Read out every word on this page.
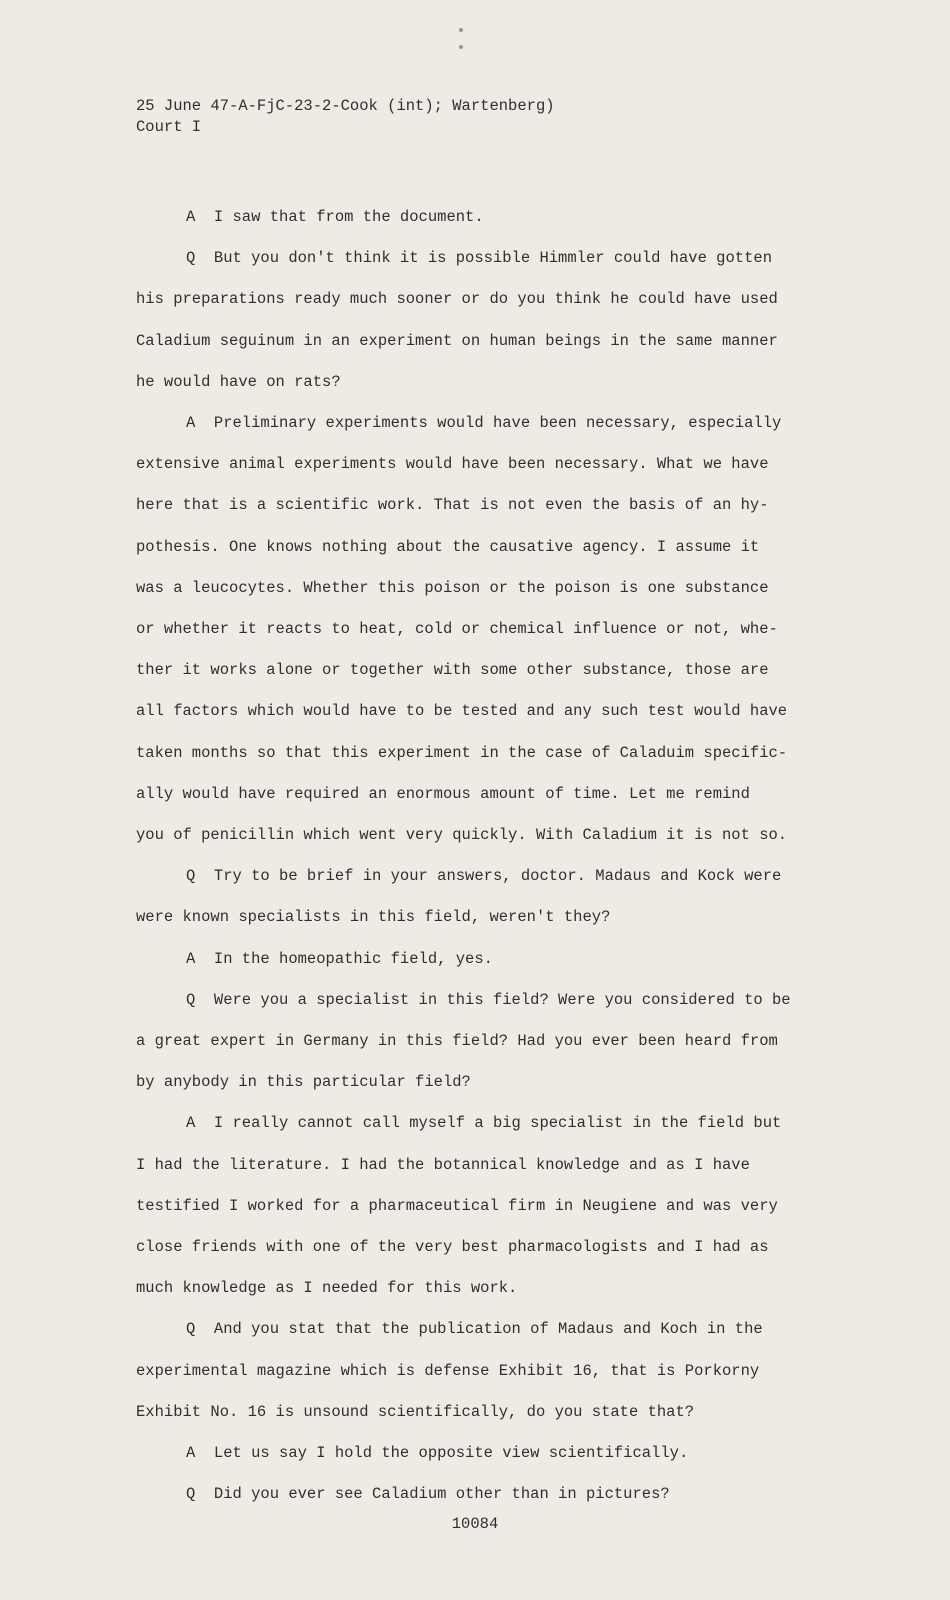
25 June 47-A-FjC-23-2-Cook (int); Wartenberg)
Court I
A  I saw that from the document.
Q  But you don't think it is possible Himmler could have gotten
his preparations ready much sooner or do you think he could have used
Caladium seguinum in an experiment on human beings in the same manner
he would have on rats?
A  Preliminary experiments would have been necessary, especially
extensive animal experiments would have been necessary. What we have
here that is a scientific work. That is not even the basis of an hy-
pothesis. One knows nothing about the causative agency. I assume it
was a leucocytes. Whether this poison or the poison is one substance
or whether it reacts to heat, cold or chemical influence or not, whe-
ther it works alone or together with some other substance, those are
all factors which would have to be tested and any such test would have
taken months so that this experiment in the case of Caladuim specific-
ally would have required an enormous amount of time. Let me remind
you of penicillin which went very quickly. With Caladium it is not so.
Q  Try to be brief in your answers, doctor. Madaus and Kock were
were known specialists in this field, weren't they?
A  In the homeopathic field, yes.
Q  Were you a specialist in this field? Were you considered to be
a great expert in Germany in this field? Had you ever been heard from
by anybody in this particular field?
A  I really cannot call myself a big specialist in the field but
I had the literature. I had the botannical knowledge and as I have
testified I worked for a pharmaceutical firm in Neugiene and was very
close friends with one of the very best pharmacologists and I had as
much knowledge as I needed for this work.
Q  And you stat that the publication of Madaus and Koch in the
experimental magazine which is defense Exhibit 16, that is Porkorny
Exhibit No. 16 is unsound scientifically, do you state that?
A  Let us say I hold the opposite view scientifically.
Q  Did you ever see Caladium other than in pictures?
10084
